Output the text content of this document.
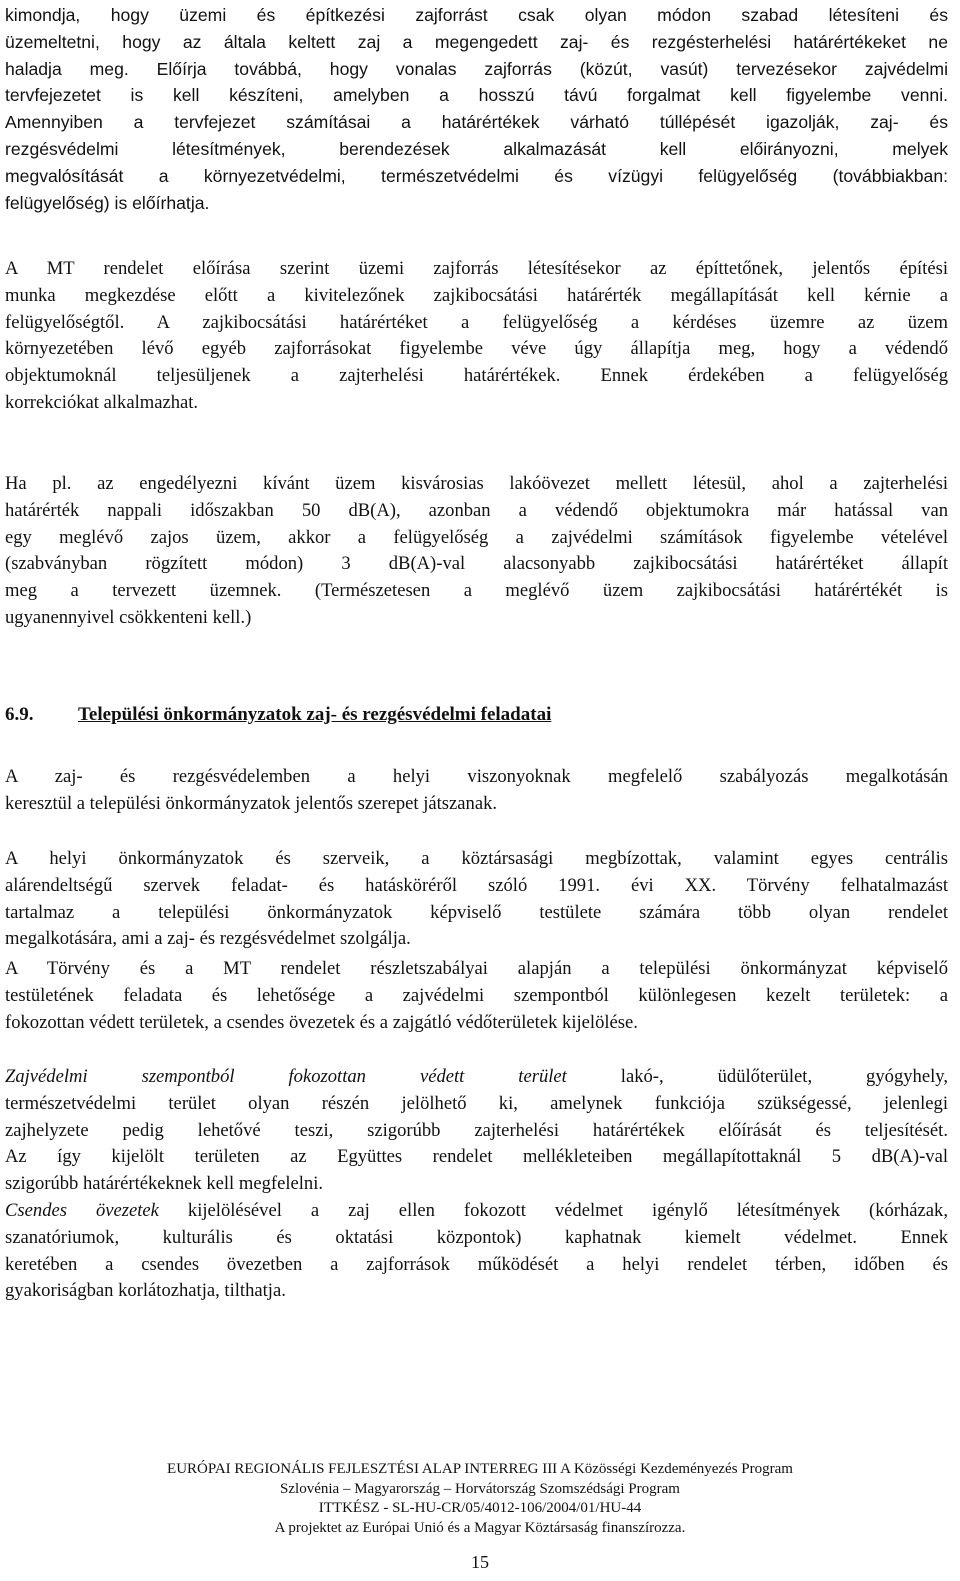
kimondja, hogy üzemi és építkezési zajforrást csak olyan módon szabad létesíteni és
üzemeltetni, hogy az általa keltett zaj a megengedett zaj- és rezgésterhelési határértékeket ne
haladja meg. Előírja továbbá, hogy vonalas zajforrás (közút, vasút) tervezésekor zajvédelmi
tervfejezetet is kell készíteni, amelyben a hosszú távú forgalmat kell figyelembe venni.
Amennyiben a tervfejezet számításai a határértékek várható túllépését igazolják, zaj- és
rezgésvédelmi létesítmények, berendezések alkalmazását kell előirányozni, melyek
megvalósítását a környezetvédelmi, természetvédelmi és vízügyi felügyelőség (továbbiakban:
felügyelőség) is előírhatja.
A MT rendelet előírása szerint üzemi zajforrás létesítésekor az építtetőnek, jelentős építési
munka megkezdése előtt a kivitelezőnek zajkibocsátási határérték megállapítását kell kérnie a
felügyelőségtől. A zajkibocsátási határértéket a felügyelőség a kérdéses üzemre az üzem
környezetében lévő egyéb zajforrásokat figyelembe véve úgy állapítja meg, hogy a védendő
objektumoknál teljesüljenek a zajterhelési határértékek. Ennek érdekében a felügyelőség
korrekciókat alkalmazhat.
Ha pl. az engedélyezni kívánt üzem kisvárosias lakóövezet mellett létesül, ahol a zajterhelési
határérték nappali időszakban 50 dB(A), azonban a védendő objektumokra már hatással van
egy meglévő zajos üzem, akkor a felügyelőség a zajvédelmi számítások figyelembe vételével
(szabványban rögzített módon) 3 dB(A)-val alacsonyabb zajkibocsátási határértéket állapít
meg a tervezett üzemnek. (Természetesen a meglévő üzem zajkibocsátási határértékét is
ugyanennyivel csökkenteni kell.)
6.9. Települési önkormányzatok zaj- és rezgésvédelmi feladatai
A zaj- és rezgésvédelemben a helyi viszonyoknak megfelelő szabályozás megalkotásán
keresztül a települési önkormányzatok jelentős szerepet játszanak.
A helyi önkormányzatok és szerveik, a köztársasági megbízottak, valamint egyes centrális
alárendeltségű szervek feladat- és hatásköréről szóló 1991. évi XX. Törvény felhatalmazást
tartalmaz a települési önkormányzatok képviselő testülete számára több olyan rendelet
megalkotására, ami a zaj- és rezgésvédelmet szolgálja.
A Törvény és a MT rendelet részletszabályai alapján a települési önkormányzat képviselő
testületének feladata és lehetősége a zajvédelmi szempontból különlegesen kezelt területek: a
fokozottan védett területek, a csendes övezetek és a zajgátló védőterületek kijelölése.
Zajvédelmi szempontból fokozottan védett terület lakó-, üdülőterület, gyógyhely,
természetvédelmi terület olyan részén jelölhető ki, amelynek funkciója szükségessé, jelenlegi
zajhelyzete pedig lehetővé teszi, szigorúbb zajterhelési határértékek előírását és teljesítését.
Az így kijelölt területen az Együttes rendelet mellékleteiben megállapítottaknál 5 dB(A)-val
szigorúbb határértékeknek kell megfelelni.
Csendes övezetek kijelölésével a zaj ellen fokozott védelmet igénylő létesítmények (kórházak,
szanatóriumok, kulturális és oktatási központok) kaphatnak kiemelt védelmet. Ennek
keretében a csendes övezetben a zajforrások működését a helyi rendelet térben, időben és
gyakoriságban korlátozhatja, tilthatja.
EURÓPAI REGIONÁLIS FEJLESZTÉSI ALAP INTERREG III A Közösségi Kezdeményezés Program
Szlovénia – Magyarország – Horvátország Szomszédsági Program
ITTKÉSZ - SL-HU-CR/05/4012-106/2004/01/HU-44
A projektet az Európai Unió és a Magyar Köztársaság finanszírozza.
15
